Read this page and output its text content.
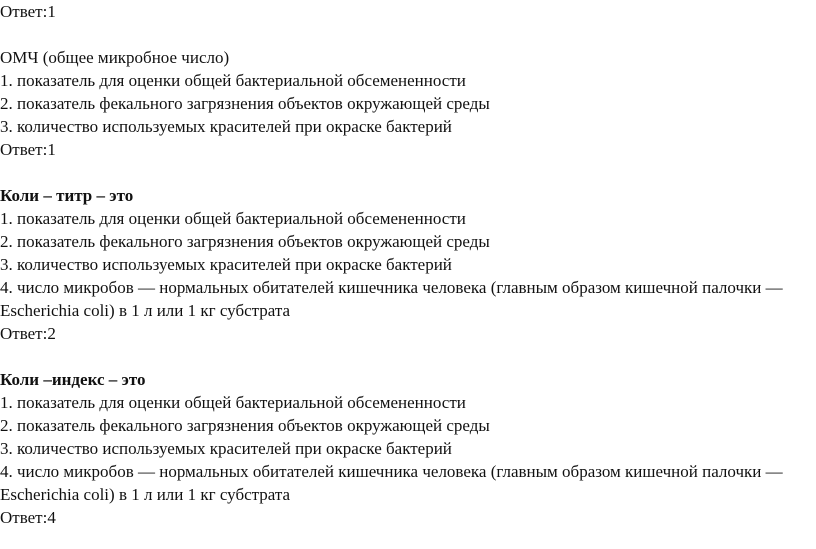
Ответ:1
ОМЧ (общее микробное число)
1. показатель для оценки общей бактериальной обсемененности
2. показатель фекального загрязнения объектов окружающей среды
3. количество используемых красителей при окраске бактерий
Ответ:1
Коли – титр – это
1. показатель для оценки общей бактериальной обсемененности
2. показатель фекального загрязнения объектов окружающей среды
3. количество используемых красителей при окраске бактерий
4. число микробов — нормальных обитателей кишечника человека (главным образом кишечной палочки —
Escherichia coli) в 1 л или 1 кг субстрата
Ответ:2
Коли –индекс – это
1. показатель для оценки общей бактериальной обсемененности
2. показатель фекального загрязнения объектов окружающей среды
3. количество используемых красителей при окраске бактерий
4. число микробов — нормальных обитателей кишечника человека (главным образом кишечной палочки —
Escherichia coli) в 1 л или 1 кг субстрата
Ответ:4
